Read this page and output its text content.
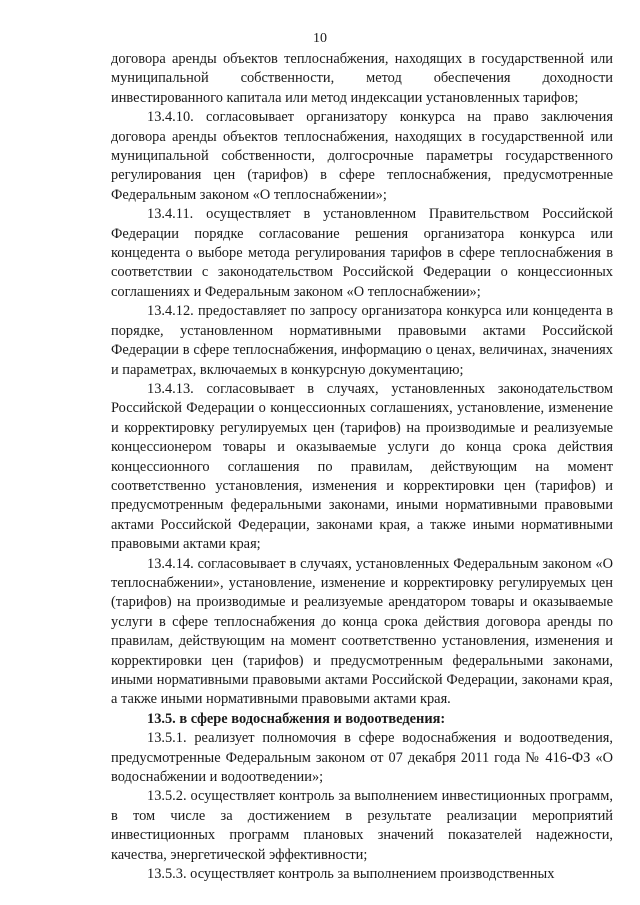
10

договора аренды объектов теплоснабжения, находящих в государственной или муниципальной собственности, метод обеспечения доходности инвестированного капитала или метод индексации установленных тарифов;

13.4.10. согласовывает организатору конкурса на право заключения договора аренды объектов теплоснабжения, находящих в государственной или муниципальной собственности, долгосрочные параметры государственного регулирования цен (тарифов) в сфере теплоснабжения, предусмотренные Федеральным законом «О теплоснабжении»;

13.4.11. осуществляет в установленном Правительством Российской Федерации порядке согласование решения организатора конкурса или концедента о выборе метода регулирования тарифов в сфере теплоснабжения в соответствии с законодательством Российской Федерации о концессионных соглашениях и Федеральным законом «О теплоснабжении»;

13.4.12. предоставляет по запросу организатора конкурса или концедента в порядке, установленном нормативными правовыми актами Российской Федерации в сфере теплоснабжения, информацию о ценах, величинах, значениях и параметрах, включаемых в конкурсную документацию;

13.4.13. согласовывает в случаях, установленных законодательством Российской Федерации о концессионных соглашениях, установление, изменение и корректировку регулируемых цен (тарифов) на производимые и реализуемые концессионером товары и оказываемые услуги до конца срока действия концессионного соглашения по правилам, действующим на момент соответственно установления, изменения и корректировки цен (тарифов) и предусмотренным федеральными законами, иными нормативными правовыми актами Российской Федерации, законами края, а также иными нормативными правовыми актами края;

13.4.14. согласовывает в случаях, установленных Федеральным законом «О теплоснабжении», установление, изменение и корректировку регулируемых цен (тарифов) на производимые и реализуемые арендатором товары и оказываемые услуги в сфере теплоснабжения до конца срока действия договора аренды по правилам, действующим на момент соответственно установления, изменения и корректировки цен (тарифов) и предусмотренным федеральными законами, иными нормативными правовыми актами Российской Федерации, законами края, а также иными нормативными правовыми актами края.

13.5. в сфере водоснабжения и водоотведения:

13.5.1. реализует полномочия в сфере водоснабжения и водоотведения, предусмотренные Федеральным законом от 07 декабря 2011 года № 416-ФЗ «О водоснабжении и водоотведении»;

13.5.2. осуществляет контроль за выполнением инвестиционных программ, в том числе за достижением в результате реализации мероприятий инвестиционных программ плановых значений показателей надежности, качества, энергетической эффективности;

13.5.3. осуществляет контроль за выполнением производственных
